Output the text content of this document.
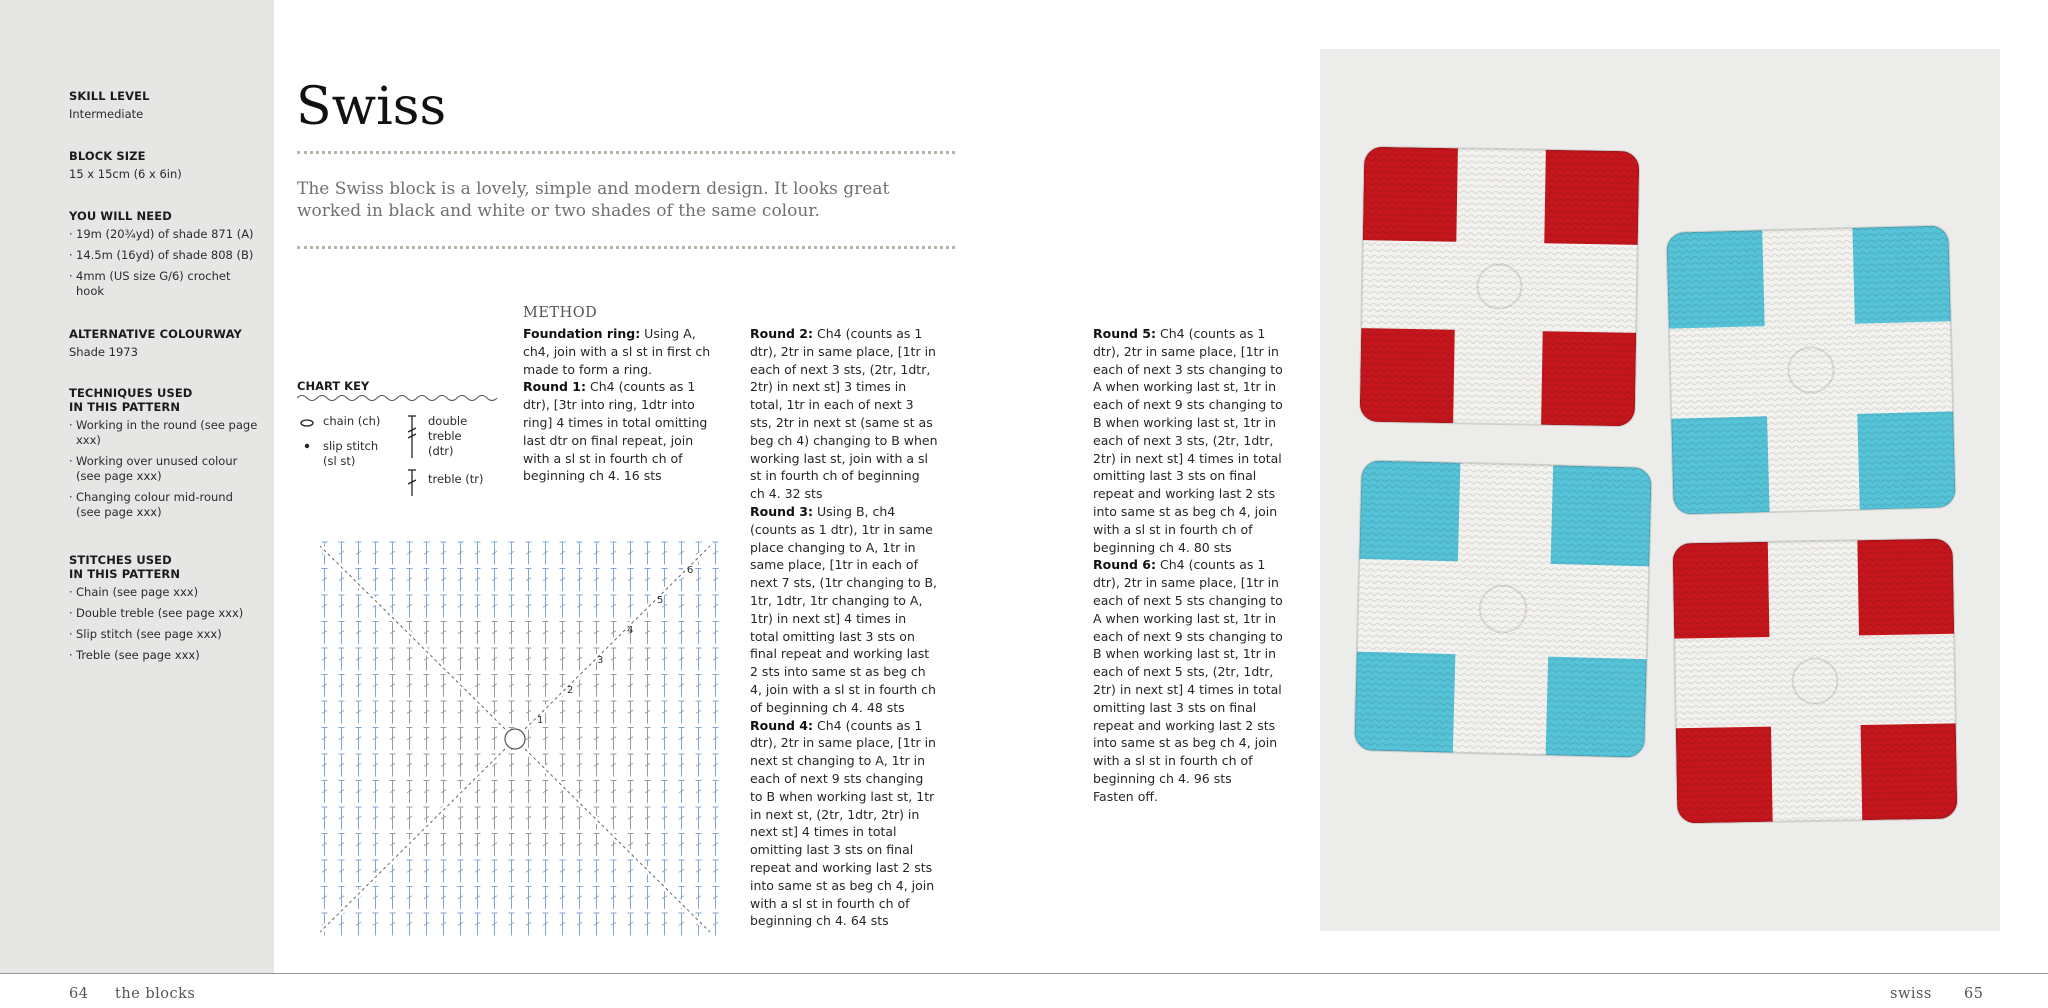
SKILL LEVEL
Intermediate
BLOCK SIZE
15 x 15cm (6 x 6in)
YOU WILL NEED
· 19m (20¾yd) of shade 871 (A)
· 14.5m (16yd) of shade 808 (B)
· 4mm (US size G/6) crochet hook
ALTERNATIVE COLOURWAY
Shade 1973
TECHNIQUES USED
IN THIS PATTERN
· Working in the round (see page xxx)
· Working over unused colour (see page xxx)
· Changing colour mid-round (see page xxx)
STITCHES USED
IN THIS PATTERN
· Chain (see page xxx)
· Double treble (see page xxx)
· Slip stitch (see page xxx)
· Treble (see page xxx)
Swiss

The Swiss block is a lovely, simple and modern design. It looks great worked in black and white or two shades of the same colour.

CHART KEY
chain (ch)
slip stitch (sl st)
double treble (dtr)
treble (tr)
1
2
3
4
5
6
METHOD

Foundation ring: Using A, ch4, join with a sl st in first ch made to form a ring.

Round 1: Ch4 (counts as 1 dtr), [3tr into ring, 1dtr into ring] 4 times in total omitting last dtr on final repeat, join with a sl st in fourth ch of beginning ch 4. 16 sts

Round 2: Ch4 (counts as 1 dtr), 2tr in same place, [1tr in each of next 3 sts, (2tr, 1dtr, 2tr) in next st] 3 times in total, 1tr in each of next 3 sts, 2tr in next st (same st as beg ch 4) changing to B when working last st, join with a sl st in fourth ch of beginning ch 4. 32 sts

Round 3: Using B, ch4 (counts as 1 dtr), 1tr in same place changing to A, 1tr in same place, [1tr in each of next 7 sts, (1tr changing to B, 1tr, 1dtr, 1tr changing to A, 1tr) in next st] 4 times in total omitting last 3 sts on final repeat and working last 2 sts into same st as beg ch 4, join with a sl st in fourth ch of beginning ch 4. 48 sts

Round 4: Ch4 (counts as 1 dtr), 2tr in same place, [1tr in next st changing to A, 1tr in each of next 9 sts changing to B when working last st, 1tr in next st, (2tr, 1dtr, 2tr) in next st] 4 times in total omitting last 3 sts on final repeat and working last 2 sts into same st as beg ch 4, join with a sl st in fourth ch of beginning ch 4. 64 sts

Round 5: Ch4 (counts as 1 dtr), 2tr in same place, [1tr in each of next 3 sts changing to A when working last st, 1tr in each of next 9 sts changing to B when working last st, 1tr in each of next 3 sts, (2tr, 1dtr, 2tr) in next st] 4 times in total omitting last 3 sts on final repeat and working last 2 sts into same st as beg ch 4, join with a sl st in fourth ch of beginning ch 4. 80 sts

Round 6: Ch4 (counts as 1 dtr), 2tr in same place, [1tr in each of next 5 sts changing to A when working last st, 1tr in each of next 9 sts changing to B when working last st, 1tr in each of next 5 sts, (2tr, 1dtr, 2tr) in next st] 4 times in total omitting last 3 sts on final repeat and working last 2 sts into same st as beg ch 4, join with a sl st in fourth ch of beginning ch 4. 96 sts

Fasten off.

64 the blocks	swiss 65
